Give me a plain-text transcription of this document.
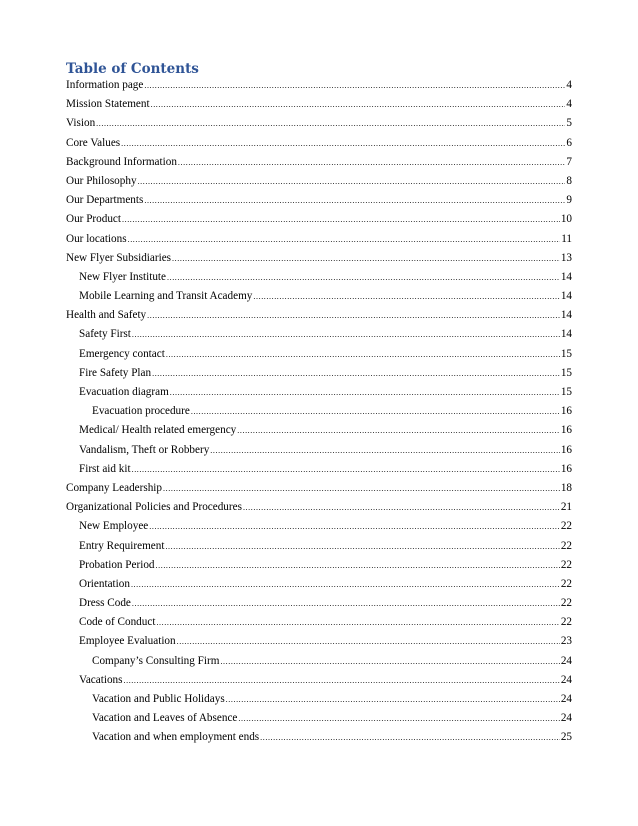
Table of Contents
Information page .....	4
Mission Statement .....	4
Vision .....	5
Core Values .....	6
Background Information .....	7
Our Philosophy .....	8
Our Departments .....	9
Our Product .....	10
Our locations .....	11
New Flyer Subsidiaries .....	13
New Flyer Institute .....	14
Mobile Learning and Transit Academy .....	14
Health and Safety .....	14
Safety First .....	14
Emergency contact .....	15
Fire Safety Plan .....	15
Evacuation diagram .....	15
Evacuation procedure .....	16
Medical/ Health related emergency .....	16
Vandalism, Theft or Robbery .....	16
First aid kit .....	16
Company Leadership .....	18
Organizational Policies and Procedures .....	21
New Employee .....	22
Entry Requirement .....	22
Probation Period .....	22
Orientation .....	22
Dress Code .....	22
Code of Conduct .....	22
Employee Evaluation .....	23
Company’s Consulting Firm .....	24
Vacations .....	24
Vacation and Public Holidays .....	24
Vacation and Leaves of Absence .....	24
Vacation and when employment ends .....	25
